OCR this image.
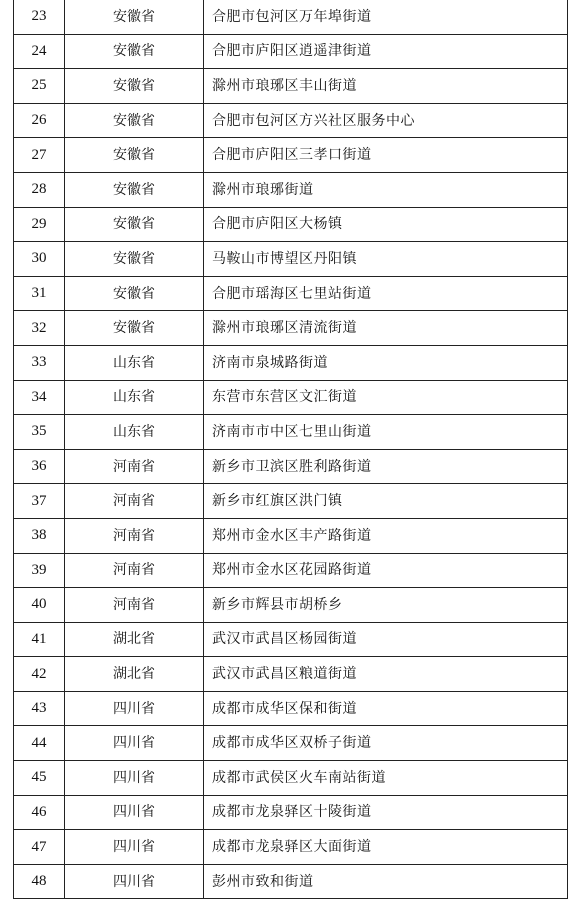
23	安徽省	合肥市包河区万年埠街道
24	安徽省	合肥市庐阳区逍遥津街道
25	安徽省	滁州市琅琊区丰山街道
26	安徽省	合肥市包河区方兴社区服务中心
27	安徽省	合肥市庐阳区三孝口街道
28	安徽省	滁州市琅琊街道
29	安徽省	合肥市庐阳区大杨镇
30	安徽省	马鞍山市博望区丹阳镇
31	安徽省	合肥市瑶海区七里站街道
32	安徽省	滁州市琅琊区清流街道
33	山东省	济南市泉城路街道
34	山东省	东营市东营区文汇街道
35	山东省	济南市市中区七里山街道
36	河南省	新乡市卫滨区胜利路街道
37	河南省	新乡市红旗区洪门镇
38	河南省	郑州市金水区丰产路街道
39	河南省	郑州市金水区花园路街道
40	河南省	新乡市辉县市胡桥乡
41	湖北省	武汉市武昌区杨园街道
42	湖北省	武汉市武昌区粮道街道
43	四川省	成都市成华区保和街道
44	四川省	成都市成华区双桥子街道
45	四川省	成都市武侯区火车南站街道
46	四川省	成都市龙泉驿区十陵街道
47	四川省	成都市龙泉驿区大面街道
48	四川省	彭州市致和街道
